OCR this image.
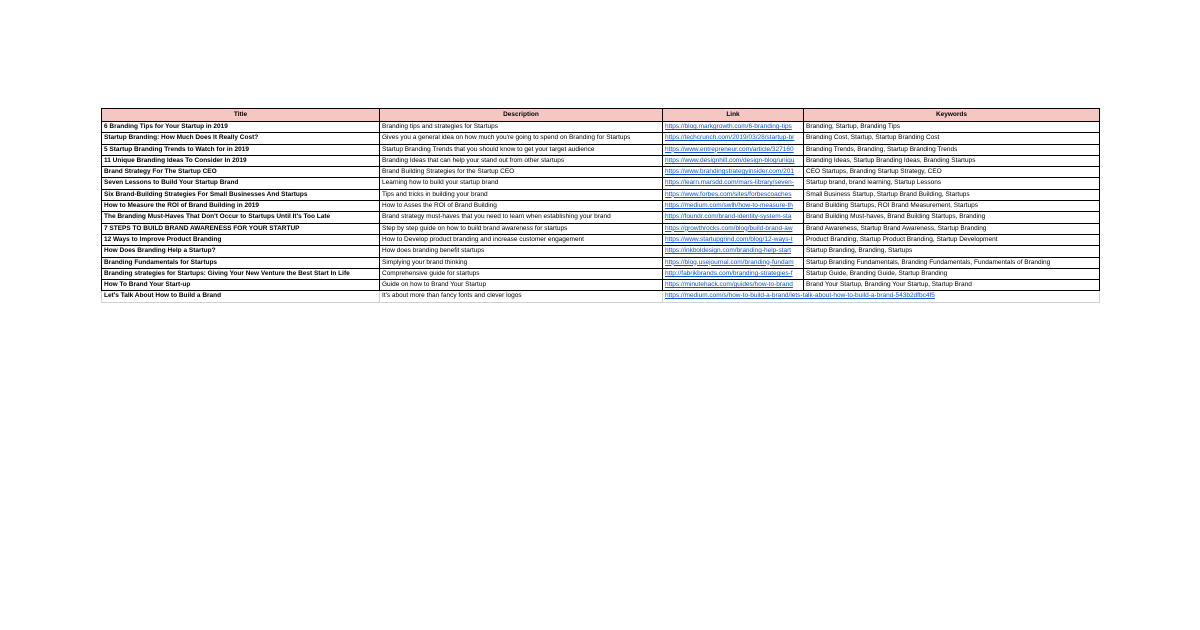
Title	Description	Link	Keywords
6 Branding Tips for Your Startup in 2019	Branding tips and strategies for Startups	https://blog.markgrowth.com/6-branding-tips	Branding, Startup, Branding Tips
Startup Branding: How Much Does It Really Cost?	Gives you a general idea on how much you're going to spend on Branding for Startups	https://techcrunch.com/2019/03/28/startup-br	Branding Cost, Startup, Startup Branding Cost
5 Startup Branding Trends to Watch for in 2019	Startup Branding Trends that you should know to get your target audience	https://www.entrepreneur.com/article/327160	Branding Trends, Branding, Startup Branding Trends
11 Unique Branding Ideas To Consider In 2019	Branding Ideas that can help your stand out from other startups	https://www.designhill.com/design-blog/uniqu	Branding Ideas, Startup Branding Ideas, Branding Startups
Brand Strategy For The Startup CEO	Brand Building Strategies for the Startup CEO	https://www.brandingstrategyinsider.com/201	CEO Startups, Branding Startup Strategy, CEO
Seven Lessons to Build Your Startup Brand	Learning how to build your startup brand	https://learn.marsdd.com/mars-library/seven-	Startup brand, brand learning, Startup Lessons
Six Brand-Building Strategies For Small Businesses And Startups	Tips and tricks in building your brand	https://www.forbes.com/sites/forbescoaches	Small Business Startup, Startup Brand Building, Startups
How to Measure the ROI of Brand Building in 2019	How to Asses the ROI of Brand Building	https://medium.com/swlh/how-to-measure-th	Brand Building Startups, ROI Brand Measurement, Startups
The Branding Must-Haves That Don't Occur to Startups Until It's Too Late	Brand strategy must-haves that you need to learn when establishing your brand	https://foundr.com/brand-identity-system-sta	Brand Building Must-haves, Brand Building Startups, Branding
7 STEPS TO BUILD BRAND AWARENESS FOR YOUR STARTUP	Step by step guide on how to build brand awareness for startups	https://growthrocks.com/blog/build-brand-aw	Brand Awareness, Startup Brand Awareness, Startup Branding
12 Ways to Improve Product Branding	How to Develop product branding and increase customer engagement	https://www.startupgrind.com/blog/12-ways-t	Product Branding, Startup Product Branding, Startup Development
How Does Branding Help a Startup?	How does branding benefit startups	https://inkboldesign.com/branding-help-start	Startup Branding, Branding, Startups
Branding Fundamentals for Startups	Simplying your brand thinking	https://blog.usejournal.com/branding-fundam	Startup Branding Fundamentals, Branding Fundamentals, Fundamentals of Branding
Branding strategies for Startups: Giving Your New Venture the Best Start In Life	Comprehensive guide for startups	http://fabrikbrands.com/branding-strategies-f	Startup Guide, Branding Guide, Startup Branding
How To Brand Your Start-up	Guide on how to Brand Your Startup	https://minutehack.com/guides/how-to-brand	Brand Your Startup, Branding Your Startup, Startup Brand
Let's Talk About How to Build a Brand	It's about more than fancy fonts and clever logos	https://medium.com/s/how-to-build-a-brand/lets-talk-about-how-to-build-a-brand-543b2dfbc4f5	
